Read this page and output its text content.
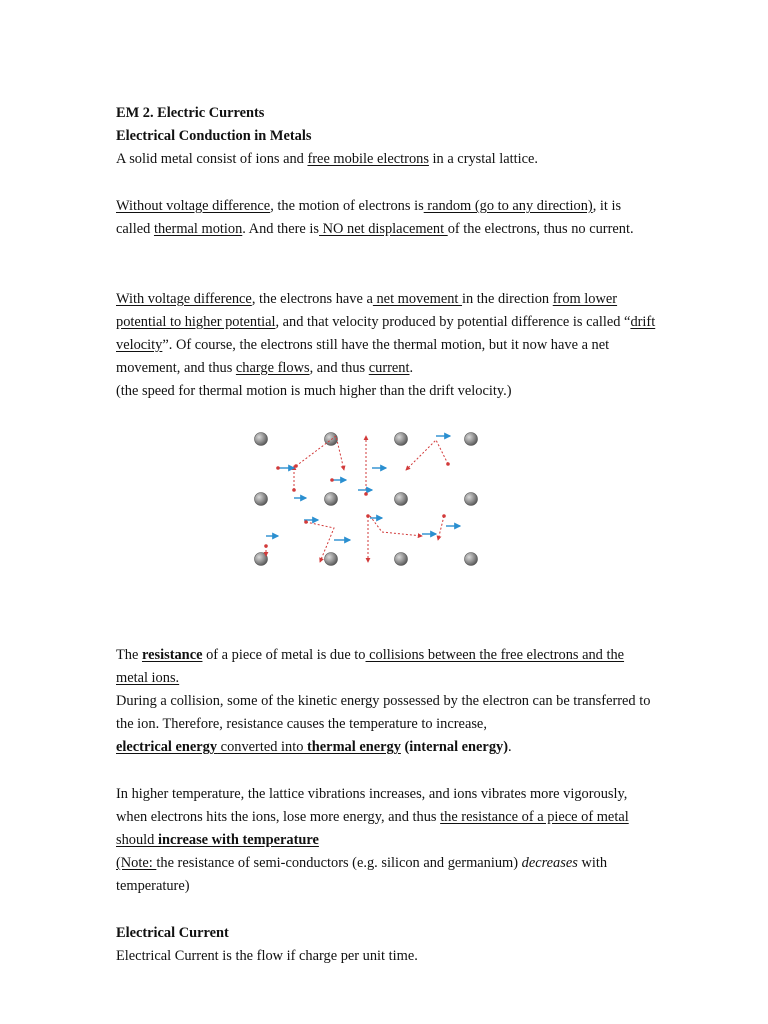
EM 2. Electric Currents

Electrical Conduction in Metals

A solid metal consist of ions and free mobile electrons in a crystal lattice.

Without voltage difference, the motion of electrons is random (go to any direction), it is called thermal motion. And there is NO net displacement of the electrons, thus no current.

With voltage difference, the electrons have a net movement in the direction from lower potential to higher potential, and that velocity produced by potential difference is called “drift velocity”. Of course, the electrons still have the thermal motion, but it now have a net movement, and thus charge flows, and thus current.

(the speed for thermal motion is much higher than the drift velocity.)

The resistance of a piece of metal is due to collisions between the free electrons and the metal ions.

During a collision, some of the kinetic energy possessed by the electron can be transferred to the ion. Therefore, resistance causes the temperature to increase,
electrical energy converted into thermal energy (internal energy).

In higher temperature, the lattice vibrations increases, and ions vibrates more vigorously, when electrons hits the ions, lose more energy, and thus the resistance of a piece of metal should increase with temperature

(Note: the resistance of semi-conductors (e.g. silicon and germanium) decreases with temperature)

Electrical Current

Electrical Current is the flow if charge per unit time.
